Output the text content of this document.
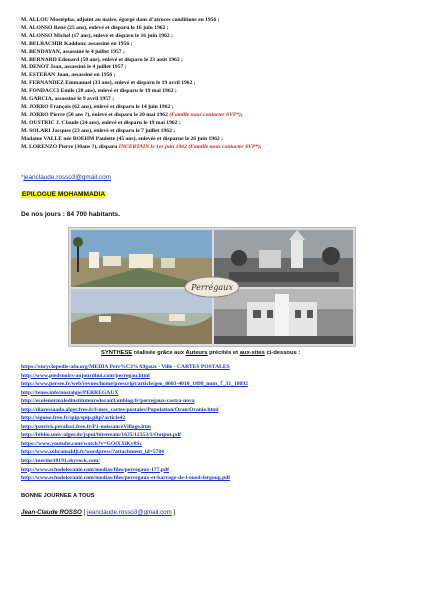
M. ALLOU Mostépha, adjoint au maire, égorgé dans d’atroces conditions en 1956 ;
M. ALONSO René (25 ans), enlevé et disparu le 16 juin 1962 ;
M. ALONSO Michel (17 ans), enlevé et disparu le 16 juin 1962 ;
M. BELBACHIR Kaddour, assassiné en 1956 ;
M. BENDAYAN, assassiné le 4 juillet 1957 ;
M. BERNARD Edouard (50 ans), enlevé et disparu le 23 août 1962 ;
M. DENOT Jean, assassiné le 4 juillet 1957 ;
M. ESTEBAN Juan, assassiné en 1956 ;
M. FERNANDEZ Emmanuel (33 ans), enlevé et disparu le 19 avril 1962 ;
M. FONDACCI Emile (28 ans), enlevé et disparu le 19 mai 1962 ;
M. GARCIA, assassiné le 9 avril 1957 ;
M. JORRO François (62 ans), enlevé et disparu le 14 juin 1962 ;
M. JORRO Pierre (50 ans ?), enlevé et disparu le 20 mai 1962 (Famille nous contacter SVP*);
M. OUSTRIC J. Claude (24 ans), enlevé et disparu le 19 mai 1962 ;
M. SOLARI Jacques (23 ans), enlevé et disparu le 7 juillet 1962 ;
Madame VALLE née BOEHM Paulette (45 ans), enlevée et disparue le 26 juin 1962 ;
M. LORENZO Pierre (30ans ?), disparu INCERTAIN le 1er juin 1962 (Famille nous contacter SVP*);
*jeanclaude.rosso3@gmail.com
EPILOGUE MOHAMMADIA
De nos jours : 84 700 habitants.
Perrégaux
SYNTHESE réalisée grâce aux Auteurs précités et aux-sites ci-dessous :
https://encyclopedie-afn.org/MEDIA Perr%C3%A9gaux - Ville - CARTES POSTALES
http://www.piedsnoirs-aujourdhui.com/perregau.html
http://www.persee.fr/web/revues/home/prescript/article/geo_0003-4010_1898_num_7_31_18092
http://tenes.info/nostalgie/PERREGAUX
http://ecolenormaledinstituteursdoran9.unblog.fr/perregaux-castra-nova
http://diaressaada.alger.free.fr/l-mes_cartes-postales/Population/Oran/Oranie.html
http://sigoise.free.fr/spip/spip.php?article42
http://patrick.peralta1.free.fr/P1-naissanceVillage.htm
http://biblio.univ-alger.dz/jspui/bitstream/1635/12353/1/Output.pdf
https://www.youtube.com/watch?v=GOiXXiKy8Sc
http://www.xohramaldji.fr/wordpress/?attachment_id=5784
http://merine10191.skyrock.com/
http://www.echodeloranie.com/medias/files/perregaux-177.pdf
http://www.echodeloranie.com/medias/files/perregaux-et-barrage-de-l-oued-fergoug.pdf
BONNE JOURNEE A TOUS
Jean-Claude ROSSO [ jeanclaude.rosso3@gmail.com ]
